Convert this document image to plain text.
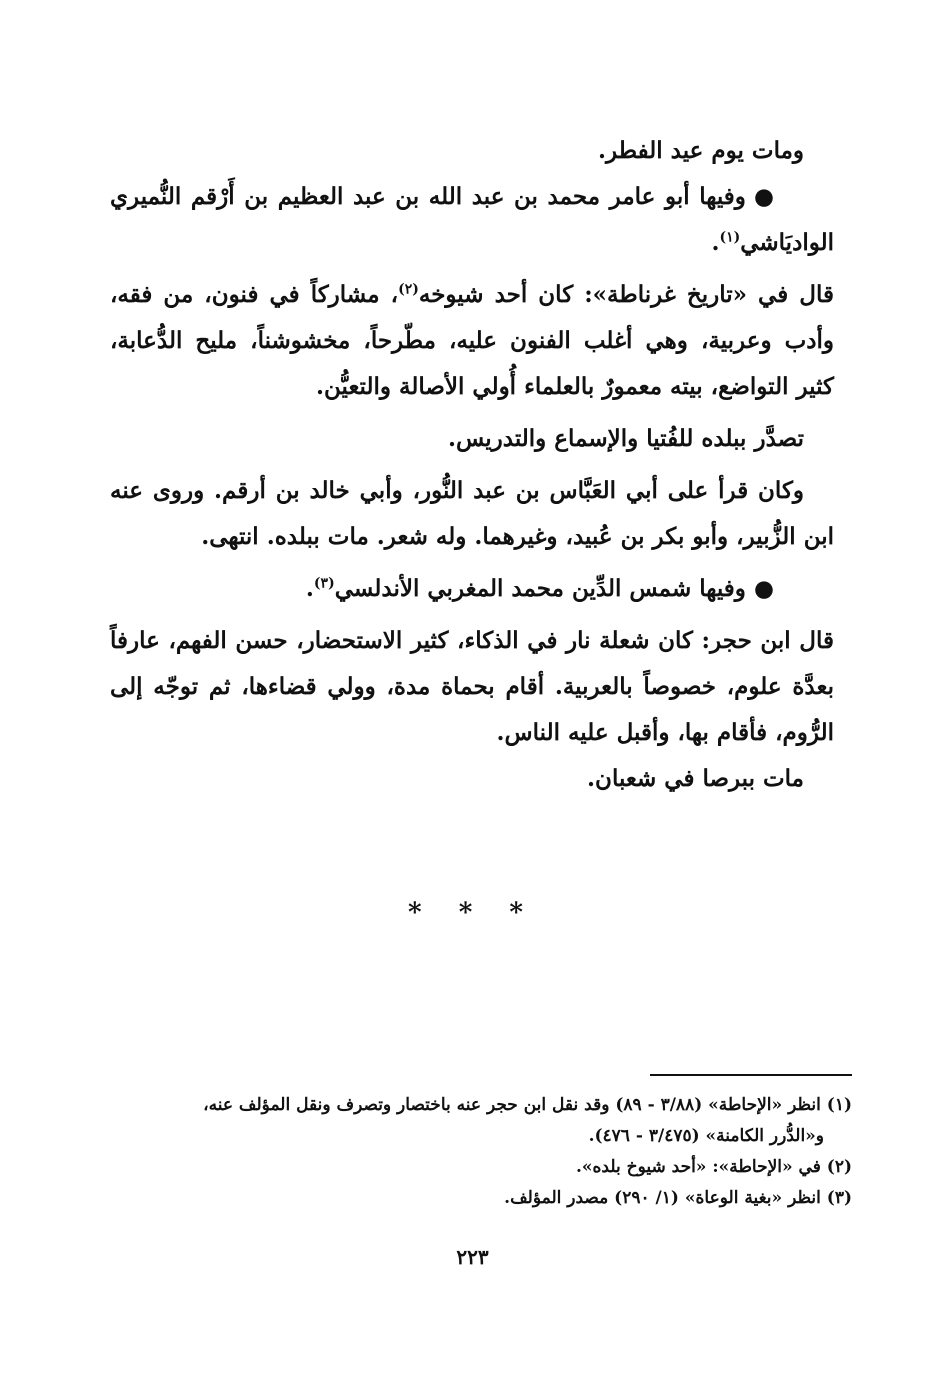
ومات يوم عيد الفطر.

●وفيها أبو عامر محمد بن عبد الله بن عبد العظيم بن أَرْقم النُّميري الواديَاشي$^{(١)}$.

قال في «تاريخ غرناطة»: كان أحد شيوخه$^{(٢)}$، مشاركاً في فنون، من فقه، وأدب وعربية، وهي أغلب الفنون عليه، مطّرحاً، مخشوشناً، مليح الدُّعابة، كثير التواضع، بيته معمورٌ بالعلماء أُولي الأصالة والتعيُّن.

تصدَّر ببلده للفُتيا والإسماع والتدريس.

وكان قرأ على أبي العَبَّاس بن عبد النُّور، وأبي خالد بن أرقم. وروى عنه ابن الزُّبير، وأبو بكر بن عُبيد، وغيرهما. وله شعر. مات ببلده. انتهى.

●وفيها شمس الدِّين محمد المغربي الأندلسي$^{(٣)}$.

قال ابن حجر: كان شعلة نار في الذكاء، كثير الاستحضار، حسن الفهم، عارفاً بعدَّة علوم، خصوصاً بالعربية. أقام بحماة مدة، وولي قضاءها، ثم توجّه إلى الرُّوم، فأقام بها، وأقبل عليه الناس.

مات ببرصا في شعبان.

* * *

(١) انظر «الإحاطة» (٣/٨٨ - ٨٩) وقد نقل ابن حجر عنه باختصار وتصرف ونقل المؤلف عنه،

و«الدُّرر الكامنة» (٣/٤٧٥ - ٤٧٦).

(٢) في «الإحاطة»: «أحد شيوخ بلده».

(٣) انظر «بغية الوعاة» (١/ ٢٩٠) مصدر المؤلف.

٢٢٣
